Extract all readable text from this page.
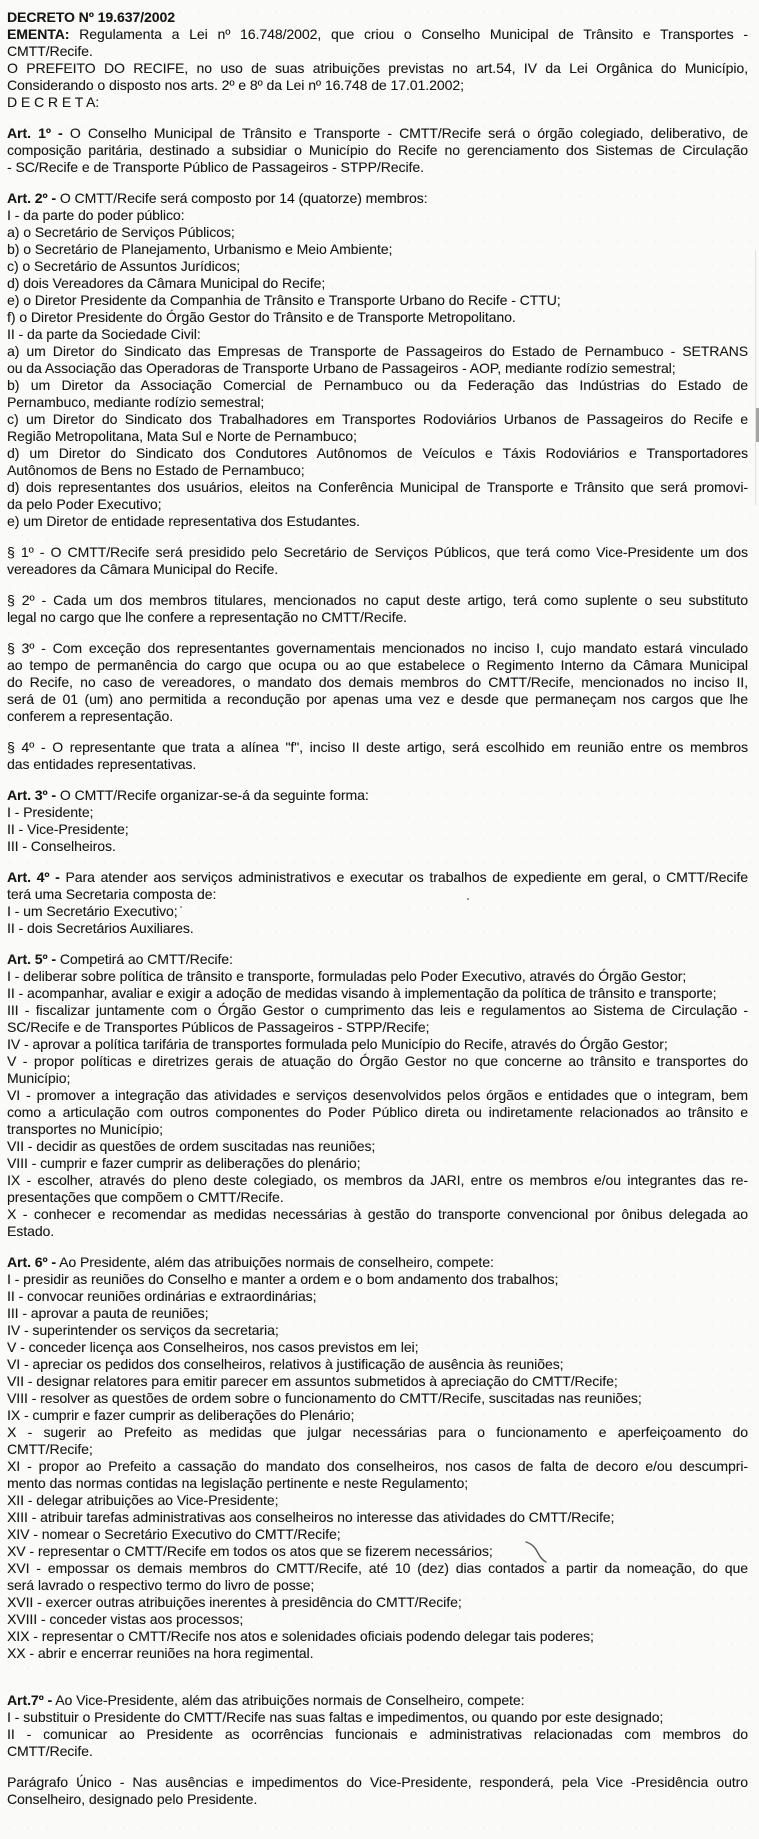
DECRETO Nº 19.637/2002
EMENTA: Regulamenta a Lei nº 16.748/2002, que criou o Conselho Municipal de Trânsito e Transportes -
CMTT/Recife.
O PREFEITO DO RECIFE, no uso de suas atribuições previstas no art.54, IV da Lei Orgânica do Município,
Considerando o disposto nos arts. 2º e 8º da Lei nº 16.748 de 17.01.2002;
D E C R E T A:
Art. 1º - O Conselho Municipal de Trânsito e Transporte - CMTT/Recife será o órgão colegiado, deliberativo, de
composição paritária, destinado a subsidiar o Município do Recife no gerenciamento dos Sistemas de Circulação
- SC/Recife e de Transporte Público de Passageiros - STPP/Recife.
Art. 2º - O CMTT/Recife será composto por 14 (quatorze) membros:
I - da parte do poder público:
a) o Secretário de Serviços Públicos;
b) o Secretário de Planejamento, Urbanismo e Meio Ambiente;
c) o Secretário de Assuntos Jurídicos;
d) dois Vereadores da Câmara Municipal do Recife;
e) o Diretor Presidente da Companhia de Trânsito e Transporte Urbano do Recife - CTTU;
f) o Diretor Presidente do Órgão Gestor do Trânsito e de Transporte Metropolitano.
II - da parte da Sociedade Civil:
a) um Diretor do Sindicato das Empresas de Transporte de Passageiros do Estado de Pernambuco - SETRANS
ou da Associação das Operadoras de Transporte Urbano de Passageiros - AOP, mediante rodízio semestral;
b) um Diretor da Associação Comercial de Pernambuco ou da Federação das Indústrias do Estado de
Pernambuco, mediante rodízio semestral;
c) um Diretor do Sindicato dos Trabalhadores em Transportes Rodoviários Urbanos de Passageiros do Recife e
Região Metropolitana, Mata Sul e Norte de Pernambuco;
d) um Diretor do Sindicato dos Condutores Autônomos de Veículos e Táxis Rodoviários e Transportadores
Autônomos de Bens no Estado de Pernambuco;
d) dois representantes dos usuários, eleitos na Conferência Municipal de Transporte e Trânsito que será promovi-
da pelo Poder Executivo;
e) um Diretor de entidade representativa dos Estudantes.
§ 1º - O CMTT/Recife será presidido pelo Secretário de Serviços Públicos, que terá como Vice-Presidente um dos
vereadores da Câmara Municipal do Recife.
§ 2º - Cada um dos membros titulares, mencionados no caput deste artigo, terá como suplente o seu substituto
legal no cargo que lhe confere a representação no CMTT/Recife.
§ 3º - Com exceção dos representantes governamentais mencionados no inciso I, cujo mandato estará vinculado
ao tempo de permanência do cargo que ocupa ou ao que estabelece o Regimento Interno da Câmara Municipal
do Recife, no caso de vereadores, o mandato dos demais membros do CMTT/Recife, mencionados no inciso II,
será de 01 (um) ano permitida a recondução por apenas uma vez e desde que permaneçam nos cargos que lhe
conferem a representação.
§ 4º - O representante que trata a alínea "f", inciso II deste artigo, será escolhido em reunião entre os membros
das entidades representativas.
Art. 3º - O CMTT/Recife organizar-se-á da seguinte forma:
I - Presidente;
II - Vice-Presidente;
III - Conselheiros.
Art. 4º - Para atender aos serviços administrativos e executar os trabalhos de expediente em geral, o CMTT/Recife
terá uma Secretaria composta de:
I - um Secretário Executivo;
II - dois Secretários Auxiliares.
Art. 5º - Competirá ao CMTT/Recife:
I - deliberar sobre política de trânsito e transporte, formuladas pelo Poder Executivo, através do Órgão Gestor;
II - acompanhar, avaliar e exigir a adoção de medidas visando à implementação da política de trânsito e transporte;
III - fiscalizar juntamente com o Órgão Gestor o cumprimento das leis e regulamentos ao Sistema de Circulação -
SC/Recife e de Transportes Públicos de Passageiros - STPP/Recife;
IV - aprovar a política tarifária de transportes formulada pelo Município do Recife, através do Órgão Gestor;
V - propor políticas e diretrizes gerais de atuação do Órgão Gestor no que concerne ao trânsito e transportes do
Município;
VI - promover a integração das atividades e serviços desenvolvidos pelos órgãos e entidades que o integram, bem
como a articulação com outros componentes do Poder Público direta ou indiretamente relacionados ao trânsito e
transportes no Município;
VII - decidir as questões de ordem suscitadas nas reuniões;
VIII - cumprir e fazer cumprir as deliberações do plenário;
IX - escolher, através do pleno deste colegiado, os membros da JARI, entre os membros e/ou integrantes das re-
presentações que compõem o CMTT/Recife.
X - conhecer e recomendar as medidas necessárias à gestão do transporte convencional por ônibus delegada ao
Estado.
Art. 6º - Ao Presidente, além das atribuições normais de conselheiro, compete:
I - presidir as reuniões do Conselho e manter a ordem e o bom andamento dos trabalhos;
II - convocar reuniões ordinárias e extraordinárias;
III - aprovar a pauta de reuniões;
IV - superintender os serviços da secretaria;
V - conceder licença aos Conselheiros, nos casos previstos em lei;
VI - apreciar os pedidos dos conselheiros, relativos à justificação de ausência às reuniões;
VII - designar relatores para emitir parecer em assuntos submetidos à apreciação do CMTT/Recife;
VIII - resolver as questões de ordem sobre o funcionamento do CMTT/Recife, suscitadas nas reuniões;
IX - cumprir e fazer cumprir as deliberações do Plenário;
X - sugerir ao Prefeito as medidas que julgar necessárias para o funcionamento e aperfeiçoamento do
CMTT/Recife;
XI - propor ao Prefeito a cassação do mandato dos conselheiros, nos casos de falta de decoro e/ou descumpri-
mento das normas contidas na legislação pertinente e neste Regulamento;
XII - delegar atribuições ao Vice-Presidente;
XIII - atribuir tarefas administrativas aos conselheiros no interesse das atividades do CMTT/Recife;
XIV - nomear o Secretário Executivo do CMTT/Recife;
XV - representar o CMTT/Recife em todos os atos que se fizerem necessários;
XVI - empossar os demais membros do CMTT/Recife, até 10 (dez) dias contados a partir da nomeação, do que
será lavrado o respectivo termo do livro de posse;
XVII - exercer outras atribuições inerentes à presidência do CMTT/Recife;
XVIII - conceder vistas aos processos;
XIX - representar o CMTT/Recife nos atos e solenidades oficiais podendo delegar tais poderes;
XX - abrir e encerrar reuniões na hora regimental.
Art.7º - Ao Vice-Presidente, além das atribuições normais de Conselheiro, compete:
I - substituir o Presidente do CMTT/Recife nas suas faltas e impedimentos, ou quando por este designado;
II - comunicar ao Presidente as ocorrências funcionais e administrativas relacionadas com membros do
CMTT/Recife.
Parágrafo Único - Nas ausências e impedimentos do Vice-Presidente, responderá, pela Vice -Presidência outro
Conselheiro, designado pelo Presidente.
